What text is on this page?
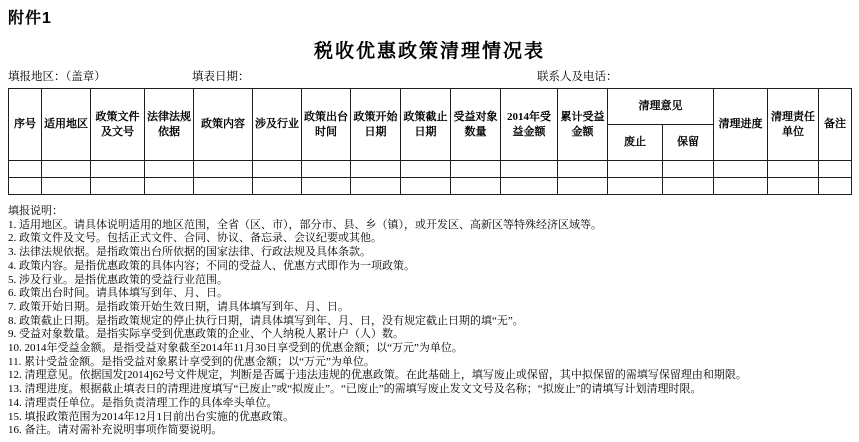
附件1
税收优惠政策清理情况表
填报地区：（盖章）	填表日期：	联系人及电话：
序号	适用地区	政策文件及文号	法律法规依据	政策内容	涉及行业	政策出台时间	政策开始日期	政策截止日期	受益对象数量	2014年受益金额	累计受益金额	清理意见		清理进度	清理责任单位	备注
												废止	保留			

填报说明：
1. 适用地区。请具体说明适用的地区范围，全省（区、市），部分市、县、乡（镇），或开发区、高新区等特殊经济区域等。
2. 政策文件及文号。包括正式文件、合同、协议、备忘录、会议纪要或其他。
3. 法律法规依据。是指政策出台所依据的国家法律、行政法规及具体条款。
4. 政策内容。是指优惠政策的具体内容；不同的受益人、优惠方式即作为一项政策。
5. 涉及行业。是指优惠政策的受益行业范围。
6. 政策出台时间。请具体填写到年、月、日。
7. 政策开始日期。是指政策开始生效日期，请具体填写到年、月、日。
8. 政策截止日期。是指政策规定的停止执行日期，请具体填写到年、月、日，没有规定截止日期的填“无”。
9. 受益对象数量。是指实际享受到优惠政策的企业、个人纳税人累计户（人）数。
10. 2014年受益金额。是指受益对象截至2014年11月30日享受到的优惠金额；以“万元”为单位。
11. 累计受益金额。是指受益对象累计享受到的优惠金额；以“万元”为单位。
12. 清理意见。依据国发[2014]62号文件规定，判断是否属于违法违规的优惠政策。在此基础上，填写废止或保留，其中拟保留的需填写保留理由和期限。
13. 清理进度。根据截止填表日的清理进度填写“已废止”或“拟废止”。“已废止”的需填写废止发文文号及名称；“拟废止”的请填写计划清理时限。
14. 清理责任单位。是指负责清理工作的具体牵头单位。
15. 填报政策范围为2014年12月1日前出台实施的优惠政策。
16. 备注。请对需补充说明事项作简要说明。
